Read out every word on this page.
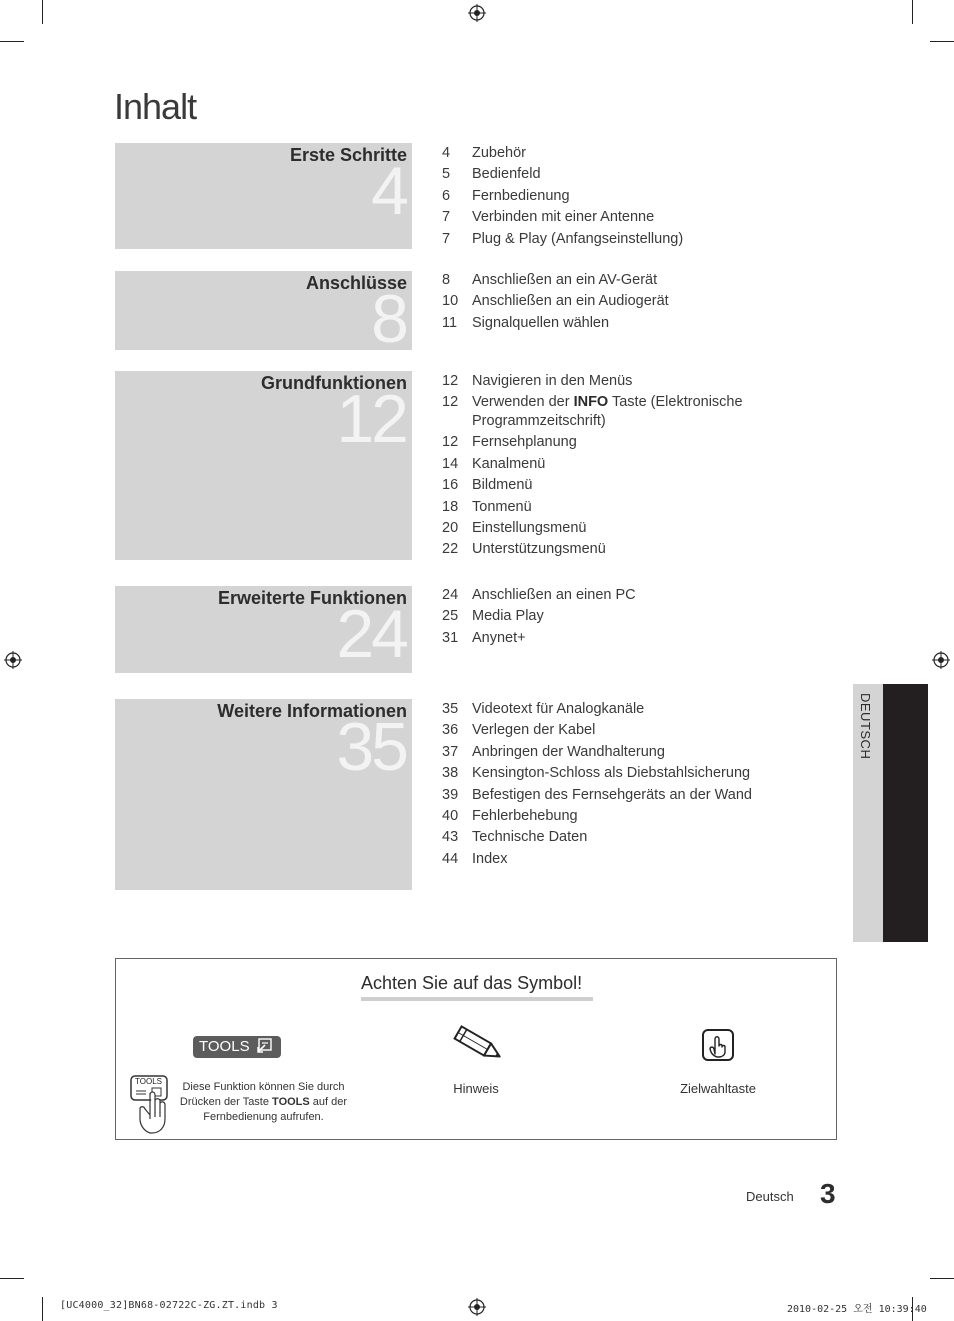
Inhalt
Erste Schritte
4 4	Zubehör
5	Bedienfeld
6	Fernbedienung
7	Verbinden mit einer Antenne
7	Plug & Play (Anfangseinstellung)
Anschlüsse
8
8	Anschließen an ein AV-Gerät
10 Anschließen an ein Audiogerät
11	Signalquellen wählen
Grundfunktionen
12 12 Navigieren in den Menüs
12 Verwenden der INFO Taste (Elektronische Programmzeitschrift)
12 Fernsehplanung
14 Kanalmenü
16 Bildmenü
18 Tonmenü
20 Einstellungsmenü
22 Unterstützungsmenü
Erweiterte Funktionen
24
24 Anschließen an einen PC
25 Media Play
31 Anynet+
Weitere Informationen
35 35 Videotext für Analogkanäle
36 Verlegen der Kabel
37 Anbringen der Wandhalterung
38 Kensington-Schloss als Diebstahlsicherung
39 Befestigen des Fernsehgeräts an der Wand
40 Fehlerbehebung
43 Technische Daten
44 Index
DEUTSCH
Achten Sie auf das Symbol!
TOOLS
TOOLS	Diese Funktion können Sie durch Drücken der Taste TOOLS auf der Fernbedienung aufrufen.
Hinweis	Zielwahltaste
Deutsch 3
[UC4000_32]BN68-02722C-ZG.ZT.indb 3	2010-02-25 오전 10:39:40
